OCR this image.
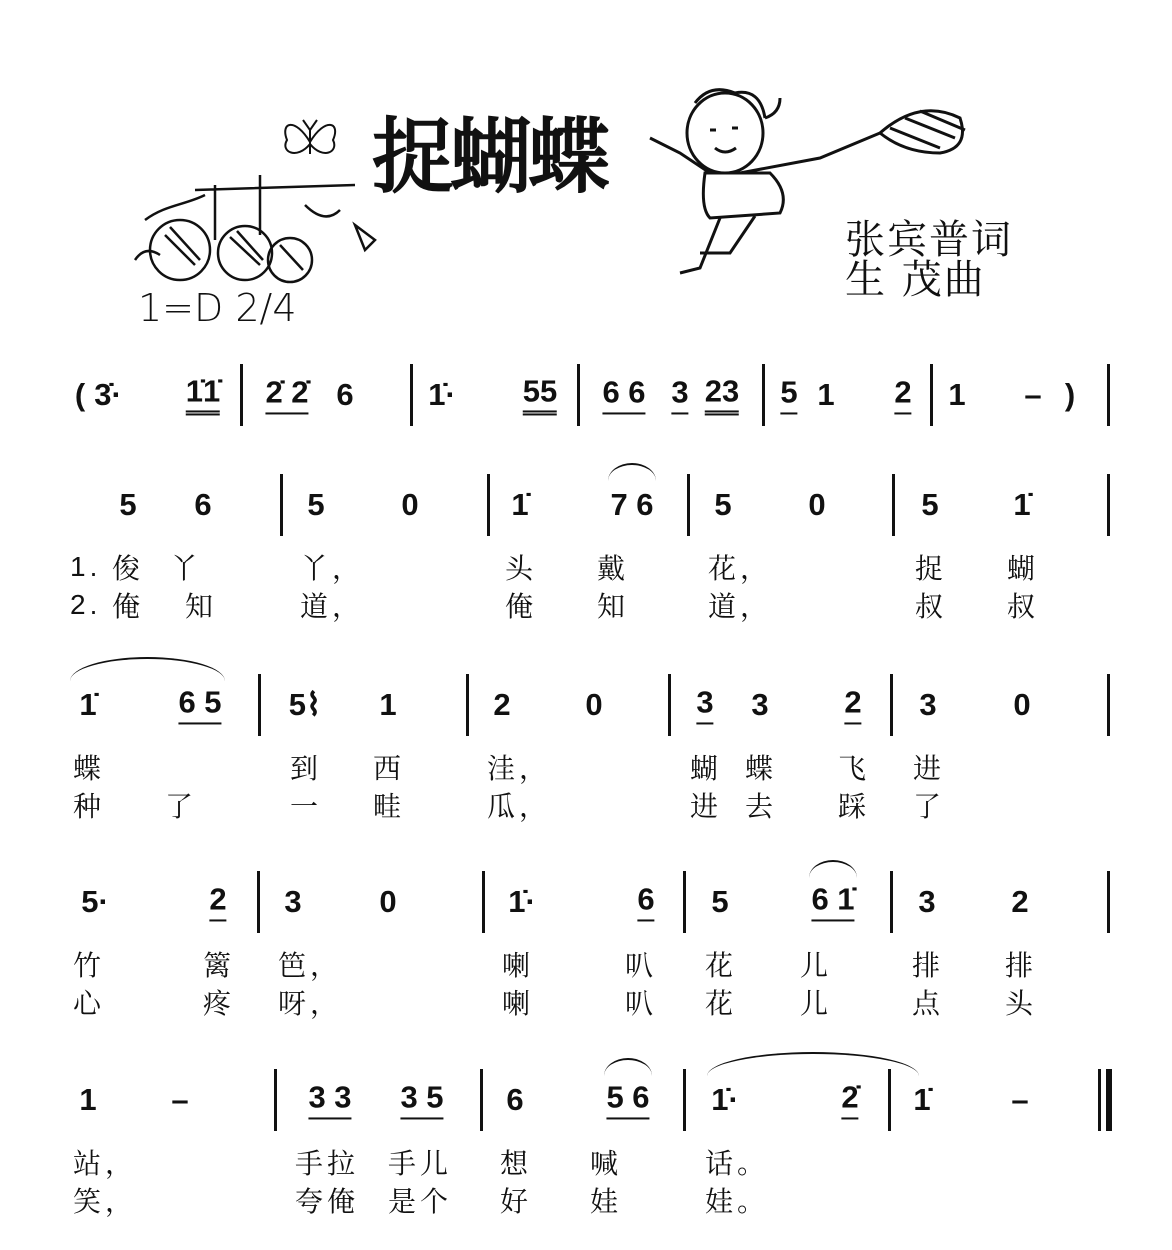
捉蝴蝶
张宾普词
生 茂曲
1=D 2/4
( 3̇· 1̇1̇ 2̇ 2̇ 6 1̇· 55 6 6 3 23 5 1 2 1 – )
5 6	5 0	1̇	7 6 5 0	5 1̇
1. 俊 丫	丫，	头 戴	花，	捉 蝴
2. 俺 知	道，	俺 知	道，	叔 叔
1̇	6 5 5⌇ 1	2 0	3 3 2 3 0
蝶	到 西	洼，	蝴 蝶 飞 进
种 了	一 畦	瓜，	进 去 踩 了
5·	2 3	0	1̇·	6 5	6 1̇ 3 2
竹	篱 笆，	喇	叭 花 儿	排 排
心	疼 呀，	喇	叭 花 儿	点 头
1 –	3 3 3 5 6	5 6 1̇·	2̇ 1̇	–
站，	手拉 手儿 想 喊	话。
笑，	夸俺 是个 好 娃	娃。
